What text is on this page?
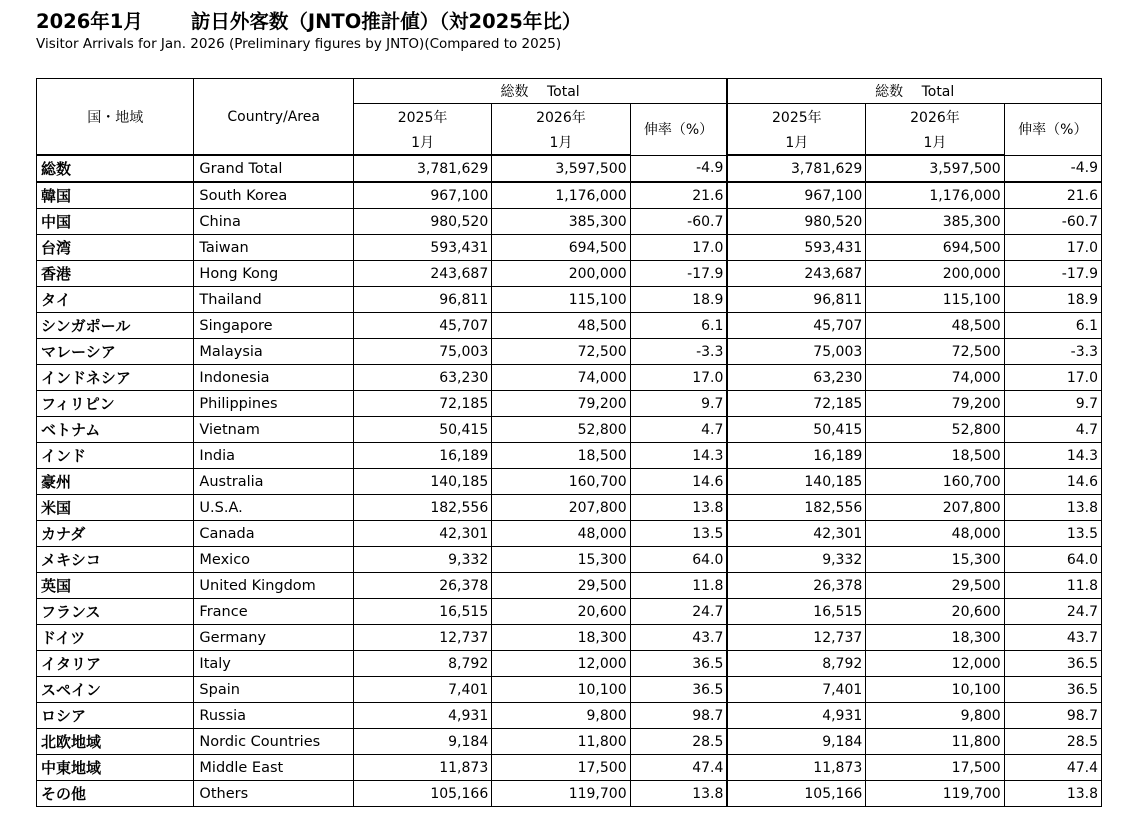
2026年1月 訪日外客数（JNTO推計値）（対2025年比）

Visitor Arrivals for Jan. 2026 (Preliminary figures by JNTO)(Compared to 2025)

国・地域	Country/Area	総数　 Total			総数　 Total		
		2025年	2026年	伸率（%）	2025年	2026年	伸率（%）
		1月	1月		1月	1月	
総数	Grand Total	3,781,629	3,597,500	-4.9	3,781,629	3,597,500	-4.9
韓国	South Korea	967,100	1,176,000	21.6	967,100	1,176,000	21.6
中国	China	980,520	385,300	-60.7	980,520	385,300	-60.7
台湾	Taiwan	593,431	694,500	17.0	593,431	694,500	17.0
香港	Hong Kong	243,687	200,000	-17.9	243,687	200,000	-17.9
タイ	Thailand	96,811	115,100	18.9	96,811	115,100	18.9
シンガポール	Singapore	45,707	48,500	6.1	45,707	48,500	6.1
マレーシア	Malaysia	75,003	72,500	-3.3	75,003	72,500	-3.3
インドネシア	Indonesia	63,230	74,000	17.0	63,230	74,000	17.0
フィリピン	Philippines	72,185	79,200	9.7	72,185	79,200	9.7
ベトナム	Vietnam	50,415	52,800	4.7	50,415	52,800	4.7
インド	India	16,189	18,500	14.3	16,189	18,500	14.3
豪州	Australia	140,185	160,700	14.6	140,185	160,700	14.6
米国	U.S.A.	182,556	207,800	13.8	182,556	207,800	13.8
カナダ	Canada	42,301	48,000	13.5	42,301	48,000	13.5
メキシコ	Mexico	9,332	15,300	64.0	9,332	15,300	64.0
英国	United Kingdom	26,378	29,500	11.8	26,378	29,500	11.8
フランス	France	16,515	20,600	24.7	16,515	20,600	24.7
ドイツ	Germany	12,737	18,300	43.7	12,737	18,300	43.7
イタリア	Italy	8,792	12,000	36.5	8,792	12,000	36.5
スペイン	Spain	7,401	10,100	36.5	7,401	10,100	36.5
ロシア	Russia	4,931	9,800	98.7	4,931	9,800	98.7
北欧地域	Nordic Countries	9,184	11,800	28.5	9,184	11,800	28.5
中東地域	Middle East	11,873	17,500	47.4	11,873	17,500	47.4
その他	Others	105,166	119,700	13.8	105,166	119,700	13.8
